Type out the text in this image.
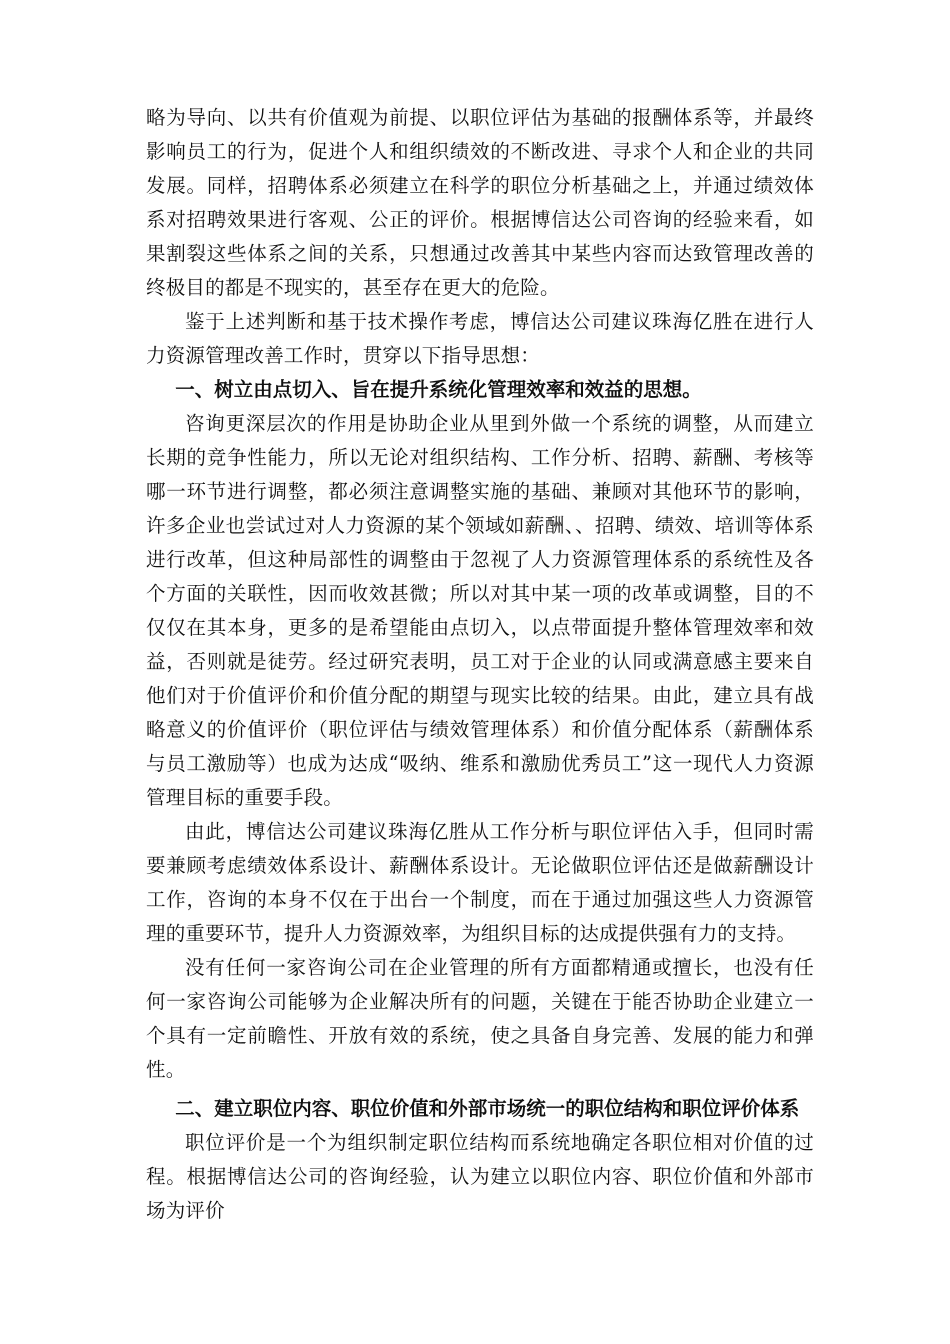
略为导向、以共有价值观为前提、以职位评估为基础的报酬体系等，并最终影响员工的行为，促进个人和组织绩效的不断改进、寻求个人和企业的共同发展。同样，招聘体系必须建立在科学的职位分析基础之上，并通过绩效体系对招聘效果进行客观、公正的评价。根据博信达公司咨询的经验来看，如果割裂这些体系之间的关系，只想通过改善其中某些内容而达致管理改善的终极目的都是不现实的，甚至存在更大的危险。

鉴于上述判断和基于技术操作考虑，博信达公司建议珠海亿胜在进行人力资源管理改善工作时，贯穿以下指导思想：

一、树立由点切入、旨在提升系统化管理效率和效益的思想。

咨询更深层次的作用是协助企业从里到外做一个系统的调整，从而建立长期的竞争性能力，所以无论对组织结构、工作分析、招聘、薪酬、考核等哪一环节进行调整，都必须注意调整实施的基础、兼顾对其他环节的影响，许多企业也尝试过对人力资源的某个领域如薪酬、、招聘、绩效、培训等体系进行改革，但这种局部性的调整由于忽视了人力资源管理体系的系统性及各个方面的关联性，因而收效甚微；所以对其中某一项的改革或调整，目的不仅仅在其本身，更多的是希望能由点切入，以点带面提升整体管理效率和效益，否则就是徒劳。经过研究表明，员工对于企业的认同或满意感主要来自他们对于价值评价和价值分配的期望与现实比较的结果。由此，建立具有战略意义的价值评价（职位评估与绩效管理体系）和价值分配体系（薪酬体系与员工激励等）也成为达成“吸纳、维系和激励优秀员工”这一现代人力资源管理目标的重要手段。

由此，博信达公司建议珠海亿胜从工作分析与职位评估入手，但同时需要兼顾考虑绩效体系设计、薪酬体系设计。无论做职位评估还是做薪酬设计工作，咨询的本身不仅在于出台一个制度，而在于通过加强这些人力资源管理的重要环节，提升人力资源效率，为组织目标的达成提供强有力的支持。

没有任何一家咨询公司在企业管理的所有方面都精通或擅长，也没有任何一家咨询公司能够为企业解决所有的问题，关键在于能否协助企业建立一个具有一定前瞻性、开放有效的系统，使之具备自身完善、发展的能力和弹性。

二、建立职位内容、职位价值和外部市场统一的职位结构和职位评价体系

职位评价是一个为组织制定职位结构而系统地确定各职位相对价值的过程。根据博信达公司的咨询经验，认为建立以职位内容、职位价值和外部市场为评价
